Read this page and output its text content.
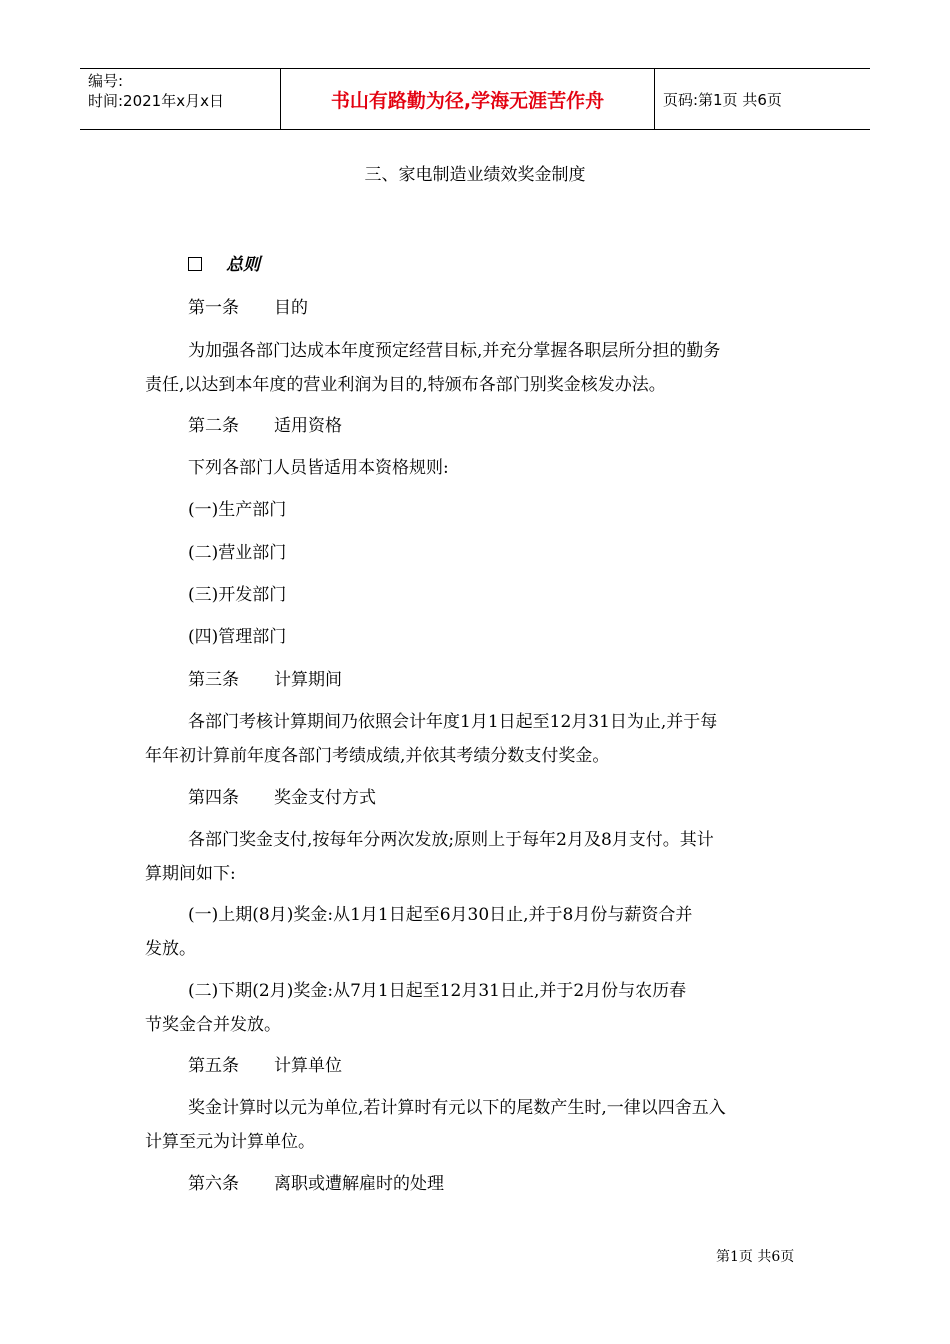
编号:
时间:2021年x月x日	书山有路勤为径,学海无涯苦作舟	页码:第1页 共6页
三、家电制造业绩效奖金制度
总则
第一条 目的
为加强各部门达成本年度预定经营目标,并充分掌握各职层所分担的勤务
责任,以达到本年度的营业利润为目的,特颁布各部门别奖金核发办法。
第二条 适用资格
下列各部门人员皆适用本资格规则:
(一)生产部门
(二)营业部门
(三)开发部门
(四)管理部门
第三条 计算期间
各部门考核计算期间乃依照会计年度1月1日起至12月31日为止,并于每
年年初计算前年度各部门考绩成绩,并依其考绩分数支付奖金。
第四条 奖金支付方式
各部门奖金支付,按每年分两次发放;原则上于每年2月及8月支付。其计
算期间如下:
(一)上期(8月)奖金:从1月1日起至6月30日止,并于8月份与薪资合并
发放。
(二)下期(2月)奖金:从7月1日起至12月31日止,并于2月份与农历春
节奖金合并发放。
第五条 计算单位
奖金计算时以元为单位,若计算时有元以下的尾数产生时,一律以四舍五入
计算至元为计算单位。
第六条 离职或遭解雇时的处理
第1页 共6页
